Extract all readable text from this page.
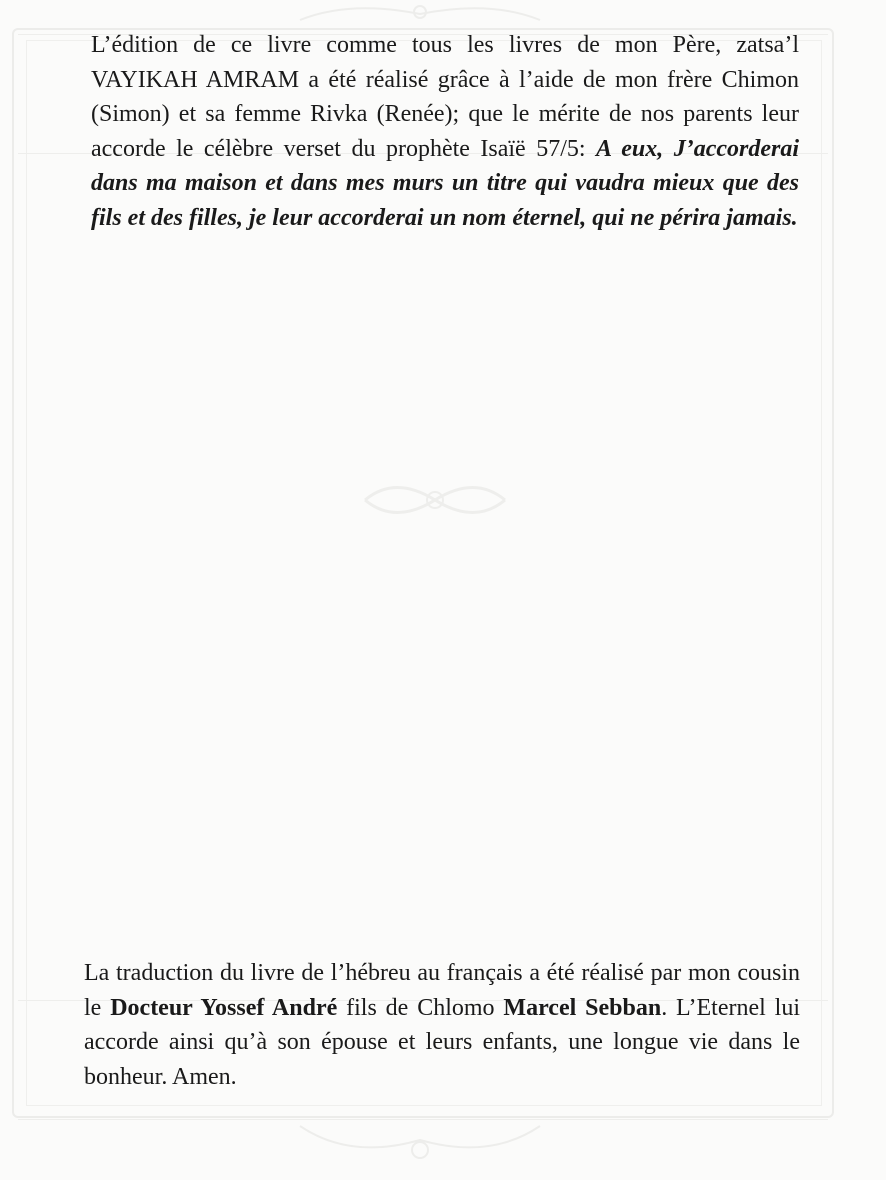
L’édition de ce livre comme tous les livres de mon Père, zatsa’l VAYIKAH AMRAM a été réalisé grâce à l’aide de mon frère Chimon (Simon) et sa femme Rivka (Renée); que le mérite de nos parents leur accorde le célèbre verset du prophète Isaïë 57/5: A eux, J’accorderai dans ma maison et dans mes murs un titre qui vaudra mieux que des fils et des filles, je leur accorderai un nom éternel, qui ne périra jamais.

La traduction du livre de l’hébreu au français a été réalisé par mon cousin le Docteur Yossef André fils de Chlomo Marcel Sebban. L’Eternel lui accorde ainsi qu’à son épouse et leurs enfants, une longue vie dans le bonheur. Amen.
